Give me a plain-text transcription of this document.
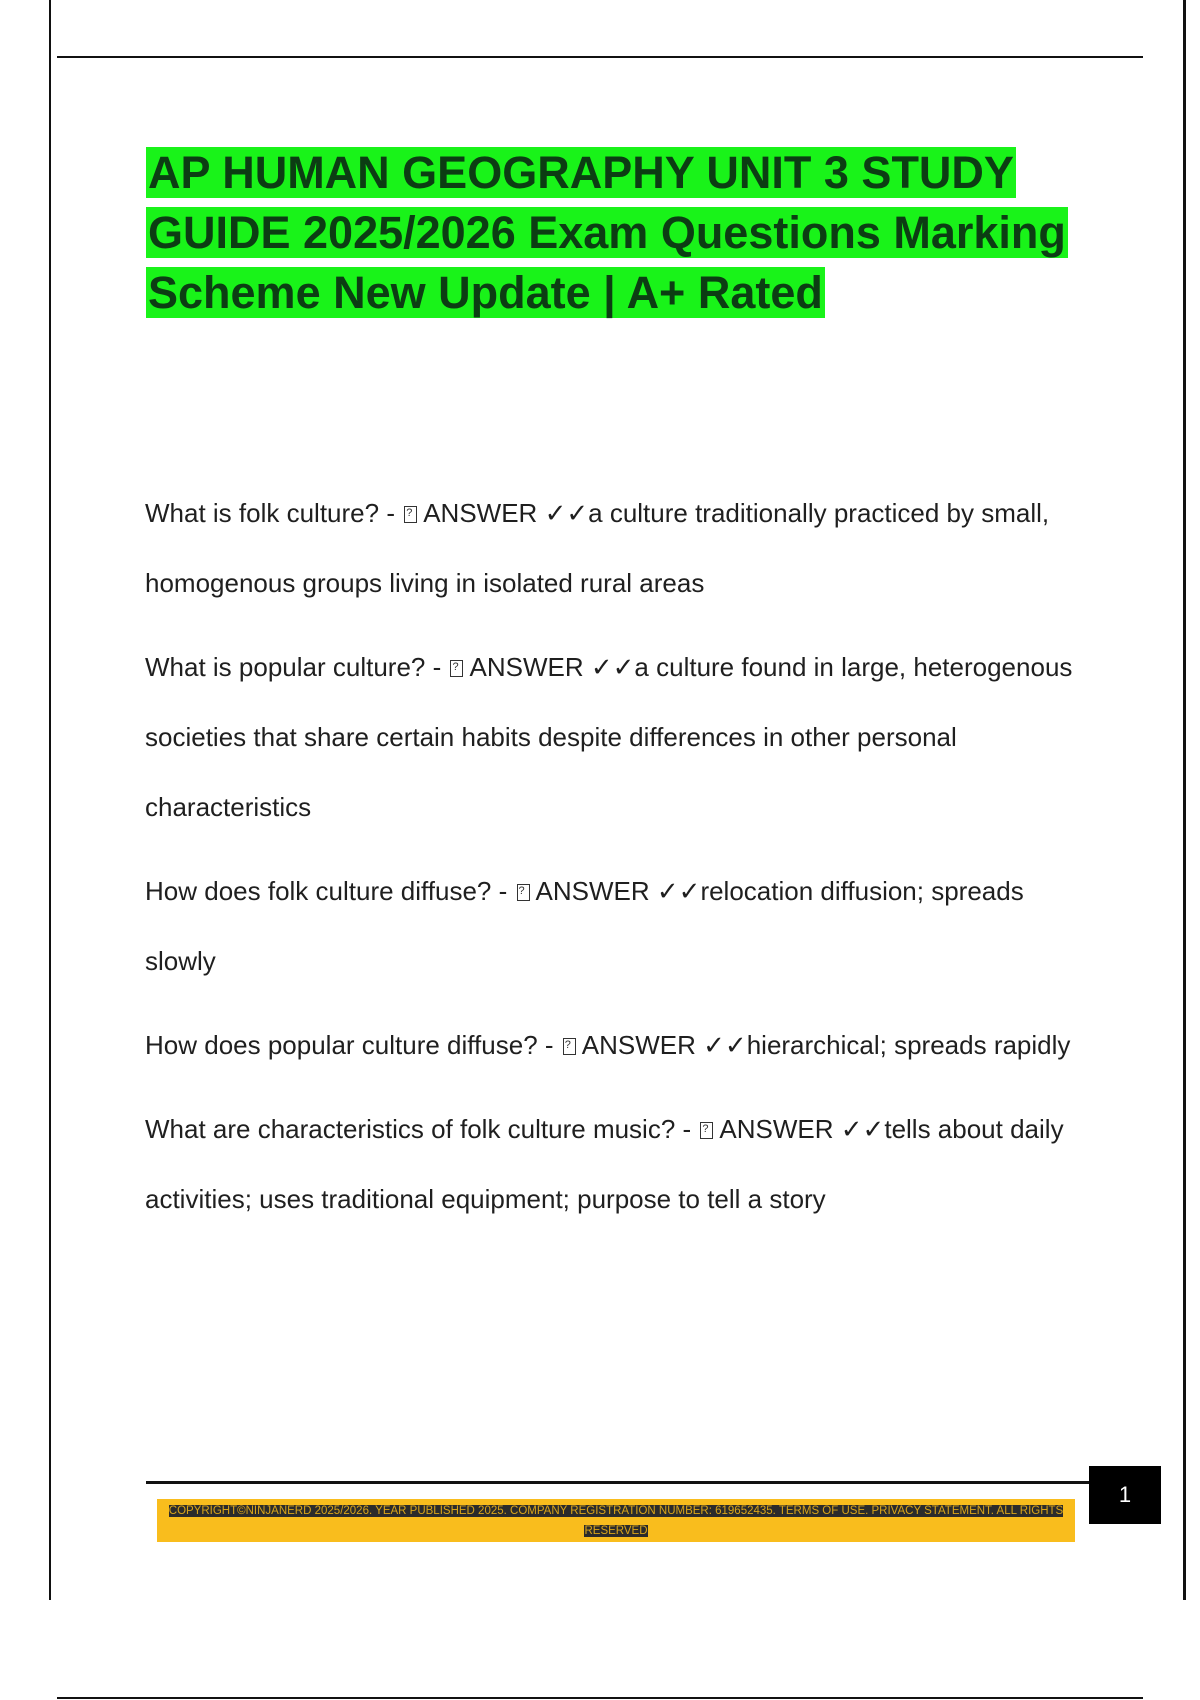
AP HUMAN GEOGRAPHY UNIT 3 STUDY GUIDE 2025/2026 Exam Questions Marking Scheme New Update | A+ Rated

What is folk culture? - ?ANSWER ✓✓a culture traditionally practiced by small, homogenous groups living in isolated rural areas

What is popular culture? - ?ANSWER ✓✓a culture found in large, heterogenous societies that share certain habits despite differences in other personal characteristics

How does folk culture diffuse? - ?ANSWER ✓✓relocation diffusion; spreads slowly

How does popular culture diffuse? - ?ANSWER ✓✓hierarchical; spreads rapidly

What are characteristics of folk culture music? - ?ANSWER ✓✓tells about daily activities; uses traditional equipment; purpose to tell a story

1
COPYRIGHT©NINJANERD 2025/2026. YEAR PUBLISHED 2025. COMPANY REGISTRATION NUMBER: 619652435. TERMS OF USE. PRIVACY STATEMENT. ALL RIGHTS RESERVED
